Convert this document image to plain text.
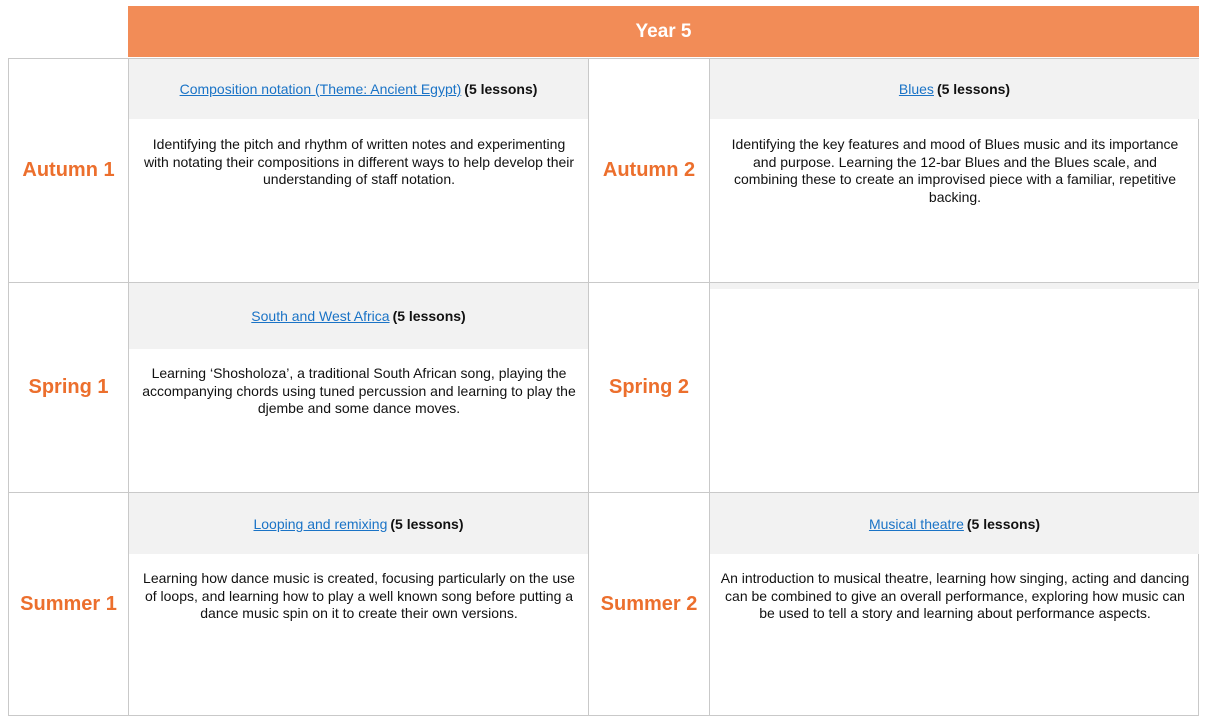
Year 5
Autumn 1
Composition notation (Theme: Ancient Egypt) (5 lessons)
Identifying the pitch and rhythm of written notes and experimenting with notating their compositions in different ways to help develop their understanding of staff notation.	Autumn 2
Blues (5 lessons)
Identifying the key features and mood of Blues music and its importance and purpose. Learning the 12-bar Blues and the Blues scale, and combining these to create an improvised piece with a familiar, repetitive backing.
Spring 1
South and West Africa (5 lessons)
Learning ‘Shosholoza’, a traditional South African song, playing the accompanying chords using tuned percussion and learning to play the djembe and some dance moves.
Spring 2
Summer 1
Looping and remixing (5 lessons)
Learning how dance music is created, focusing particularly on the use of loops, and learning how to play a well known song before putting a dance music spin on it to create their own versions.	Summer 2
Musical theatre (5 lessons)
An introduction to musical theatre, learning how singing, acting and dancing can be combined to give an overall performance, exploring how music can be used to tell a story and learning about performance aspects.
